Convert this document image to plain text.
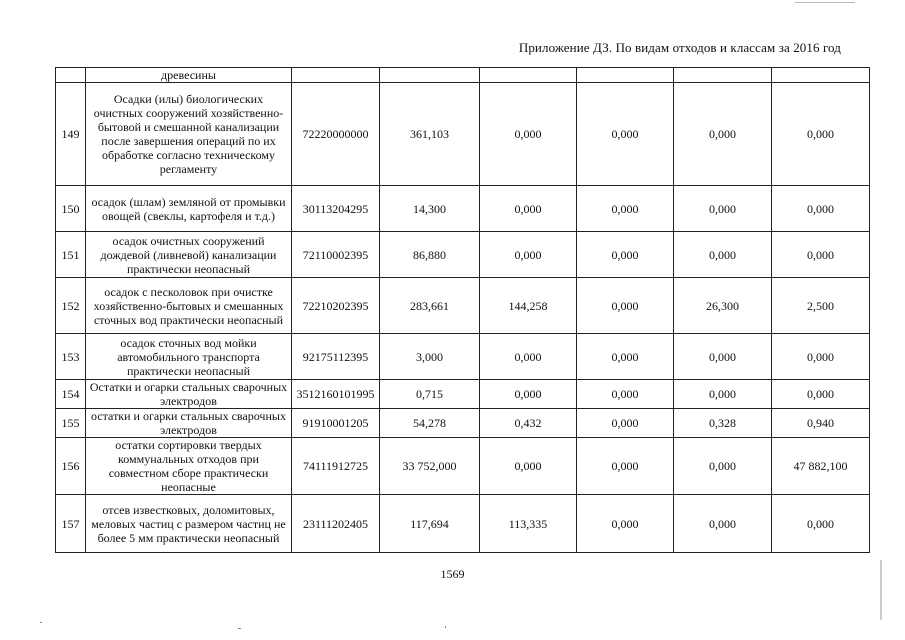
Приложение ДЗ. По видам отходов и классам за 2016 год
	древесины						
149	Осадки (илы) биологических очистных сооружений хозяйственно-бытовой и смешанной канализации после завершения операций по их обработке согласно техническому регламенту	72220000000	361,103	0,000	0,000	0,000	0,000
150	осадок (шлам) земляной от промывки овощей (свеклы, картофеля и т.д.)	30113204295	14,300	0,000	0,000	0,000	0,000
151	осадок очистных сооружений дождевой (ливневой) канализации практически неопасный	72110002395	86,880	0,000	0,000	0,000	0,000
152	осадок с песколовок при очистке хозяйственно-бытовых и смешанных сточных вод практически неопасный	72210202395	283,661	144,258	0,000	26,300	2,500
153	осадок сточных вод мойки автомобильного транспорта практически неопасный	92175112395	3,000	0,000	0,000	0,000	0,000
154	Остатки и огарки стальных сварочных электродов	3512160101995	0,715	0,000	0,000	0,000	0,000
155	остатки и огарки стальных сварочных электродов	91910001205	54,278	0,432	0,000	0,328	0,940
156	остатки сортировки твердых коммунальных отходов при совместном сборе практически неопасные	74111912725	33 752,000	0,000	0,000	0,000	47 882,100
157	отсев известковых, доломитовых, меловых частиц с размером частиц не более 5 мм практически неопасный	23111202405	117,694	113,335	0,000	0,000	0,000
1569
